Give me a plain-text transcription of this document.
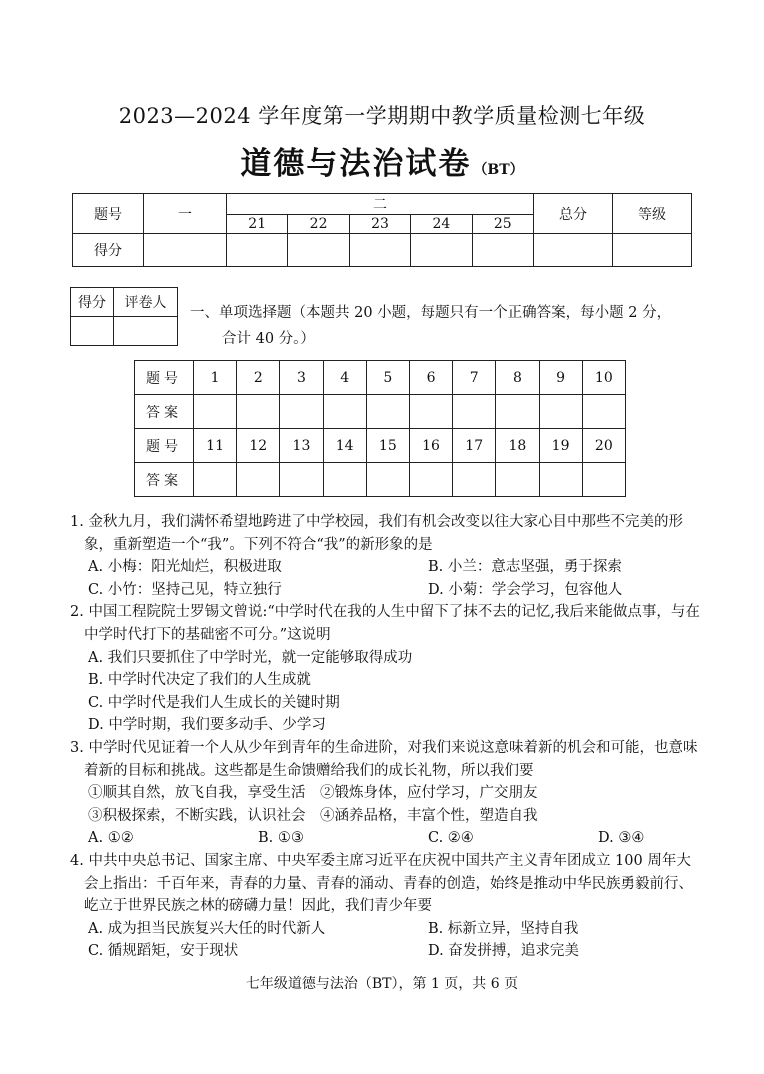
2023—2024 学年度第一学期期中教学质量检测七年级
道德与法治试卷 （BT）
题号	一	二					总分	等级
		21	22	23	24	25		
得分								
得分	评卷人

一、单项选择题（本题共 20 小题，每题只有一个正确答案，每小题 2 分，
合计 40 分。）
题号	1	2	3	4	5	6	7	8	9	10
答案										
题号	11	12	13	14	15	16	17	18	19	20
答案										
1. 金秋九月，我们满怀希望地跨进了中学校园，我们有机会改变以往大家心目中那些不完美的形象，重新塑造一个“我”。下列不符合“我”的新形象的是
A. 小梅：阳光灿烂，积极进取	B. 小兰：意志坚强，勇于探索
C. 小竹：坚持己见，特立独行	D. 小菊：学会学习，包容他人
2. 中国工程院院士罗锡文曾说:“中学时代在我的人生中留下了抹不去的记忆,我后来能做点事，与在中学时代打下的基础密不可分。”这说明
A. 我们只要抓住了中学时光，就一定能够取得成功
B. 中学时代决定了我们的人生成就
C. 中学时代是我们人生成长的关键时期
D. 中学时期，我们要多动手、少学习
3. 中学时代见证着一个人从少年到青年的生命进阶，对我们来说这意味着新的机会和可能，也意味着新的目标和挑战。这些都是生命馈赠给我们的成长礼物，所以我们要
①顺其自然，放飞自我，享受生活　②锻炼身体，应付学习，广交朋友
③积极探索，不断实践，认识社会　④涵养品格，丰富个性，塑造自我
A. ①②	B. ①③	C. ②④	D. ③④
4. 中共中央总书记、国家主席、中央军委主席习近平在庆祝中国共产主义青年团成立 100 周年大会上指出：千百年来，青春的力量、青春的涌动、青春的创造，始终是推动中华民族勇毅前行、屹立于世界民族之林的磅礴力量！因此，我们青少年要
A. 成为担当民族复兴大任的时代新人	B. 标新立异，坚持自我
C. 循规蹈矩，安于现状	D. 奋发拼搏，追求完美
七年级道德与法治（BT），第 1 页，共 6 页
